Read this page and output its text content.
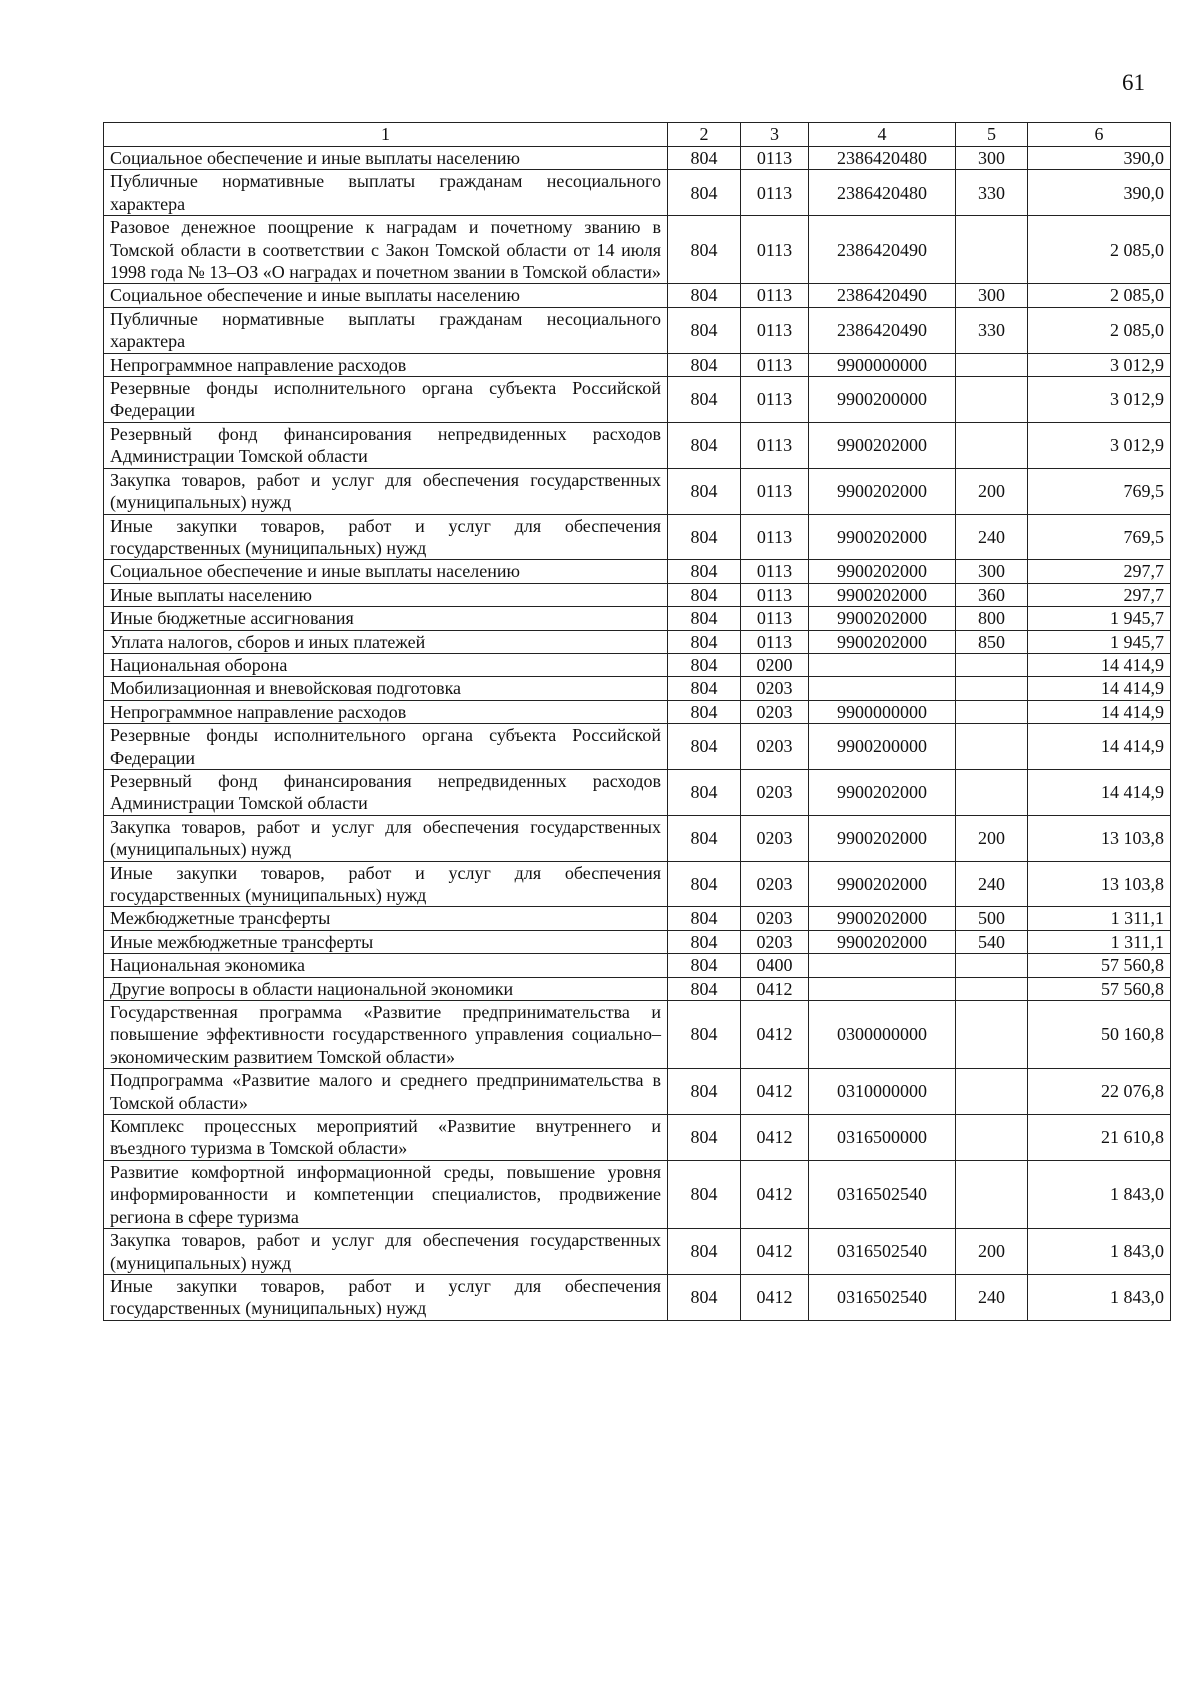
61
1	2	3	4	5	6
Социальное обеспечение и иные выплаты населению	804	0113	2386420480	300	390,0
Публичные нормативные выплаты гражданам несоциального характера	804	0113	2386420480	330	390,0
Разовое денежное поощрение к наградам и почетному званию в Томской области в соответствии с Закон Томской области от 14 июля 1998 года № 13–ОЗ «О наградах и почетном звании в Томской области»	804	0113	2386420490		2 085,0
Социальное обеспечение и иные выплаты населению	804	0113	2386420490	300	2 085,0
Публичные нормативные выплаты гражданам несоциального характера	804	0113	2386420490	330	2 085,0
Непрограммное направление расходов	804	0113	9900000000		3 012,9
Резервные фонды исполнительного органа субъекта Российской Федерации	804	0113	9900200000		3 012,9
Резервный фонд финансирования непредвиденных расходов Администрации Томской области	804	0113	9900202000		3 012,9
Закупка товаров, работ и услуг для обеспечения государственных (муниципальных) нужд	804	0113	9900202000	200	769,5
Иные закупки товаров, работ и услуг для обеспечения государственных (муниципальных) нужд	804	0113	9900202000	240	769,5
Социальное обеспечение и иные выплаты населению	804	0113	9900202000	300	297,7
Иные выплаты населению	804	0113	9900202000	360	297,7
Иные бюджетные ассигнования	804	0113	9900202000	800	1 945,7
Уплата налогов, сборов и иных платежей	804	0113	9900202000	850	1 945,7
Национальная оборона	804	0200			14 414,9
Мобилизационная и вневойсковая подготовка	804	0203			14 414,9
Непрограммное направление расходов	804	0203	9900000000		14 414,9
Резервные фонды исполнительного органа субъекта Российской Федерации	804	0203	9900200000		14 414,9
Резервный фонд финансирования непредвиденных расходов Администрации Томской области	804	0203	9900202000		14 414,9
Закупка товаров, работ и услуг для обеспечения государственных (муниципальных) нужд	804	0203	9900202000	200	13 103,8
Иные закупки товаров, работ и услуг для обеспечения государственных (муниципальных) нужд	804	0203	9900202000	240	13 103,8
Межбюджетные трансферты	804	0203	9900202000	500	1 311,1
Иные межбюджетные трансферты	804	0203	9900202000	540	1 311,1
Национальная экономика	804	0400			57 560,8
Другие вопросы в области национальной экономики	804	0412			57 560,8
Государственная программа «Развитие предпринимательства и повышение эффективности государственного управления социально–экономическим развитием Томской области»	804	0412	0300000000		50 160,8
Подпрограмма «Развитие малого и среднего предпринимательства в Томской области»	804	0412	0310000000		22 076,8
Комплекс процессных мероприятий «Развитие внутреннего и въездного туризма в Томской области»	804	0412	0316500000		21 610,8
Развитие комфортной информационной среды, повышение уровня информированности и компетенции специалистов, продвижение региона в сфере туризма	804	0412	0316502540		1 843,0
Закупка товаров, работ и услуг для обеспечения государственных (муниципальных) нужд	804	0412	0316502540	200	1 843,0
Иные закупки товаров, работ и услуг для обеспечения государственных (муниципальных) нужд	804	0412	0316502540	240	1 843,0
